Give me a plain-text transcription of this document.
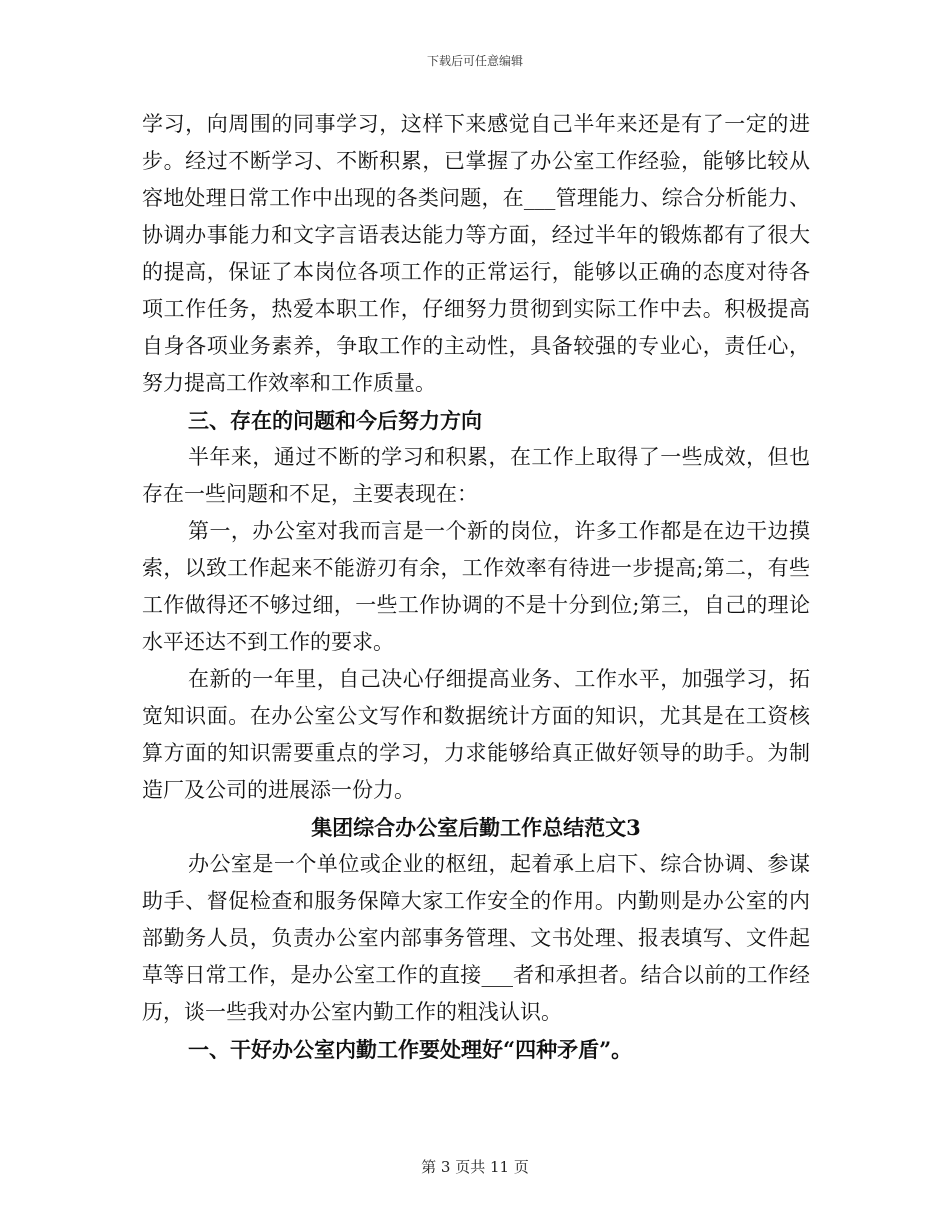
下载后可任意编辑

学习，向周围的同事学习，这样下来感觉自己半年来还是有了一定的进步。经过不断学习、不断积累，已掌握了办公室工作经验，能够比较从容地处理日常工作中出现的各类问题，在___管理能力、综合分析能力、协调办事能力和文字言语表达能力等方面，经过半年的锻炼都有了很大的提高，保证了本岗位各项工作的正常运行，能够以正确的态度对待各项工作任务，热爱本职工作，仔细努力贯彻到实际工作中去。积极提高自身各项业务素养，争取工作的主动性，具备较强的专业心，责任心，努力提高工作效率和工作质量。

三、存在的问题和今后努力方向

半年来，通过不断的学习和积累，在工作上取得了一些成效，但也存在一些问题和不足，主要表现在：

第一，办公室对我而言是一个新的岗位，许多工作都是在边干边摸索，以致工作起来不能游刃有余，工作效率有待进一步提高;第二，有些工作做得还不够过细，一些工作协调的不是十分到位;第三，自己的理论水平还达不到工作的要求。

在新的一年里，自己决心仔细提高业务、工作水平，加强学习，拓宽知识面。在办公室公文写作和数据统计方面的知识，尤其是在工资核算方面的知识需要重点的学习，力求能够给真正做好领导的助手。为制造厂及公司的进展添一份力。

集团综合办公室后勤工作总结范文3

办公室是一个单位或企业的枢纽，起着承上启下、综合协调、参谋助手、督促检查和服务保障大家工作安全的作用。内勤则是办公室的内部勤务人员，负责办公室内部事务管理、文书处理、报表填写、文件起草等日常工作，是办公室工作的直接___者和承担者。结合以前的工作经历，谈一些我对办公室内勤工作的粗浅认识。

一、干好办公室内勤工作要处理好“四种矛盾”。

第 3 页共 11 页
